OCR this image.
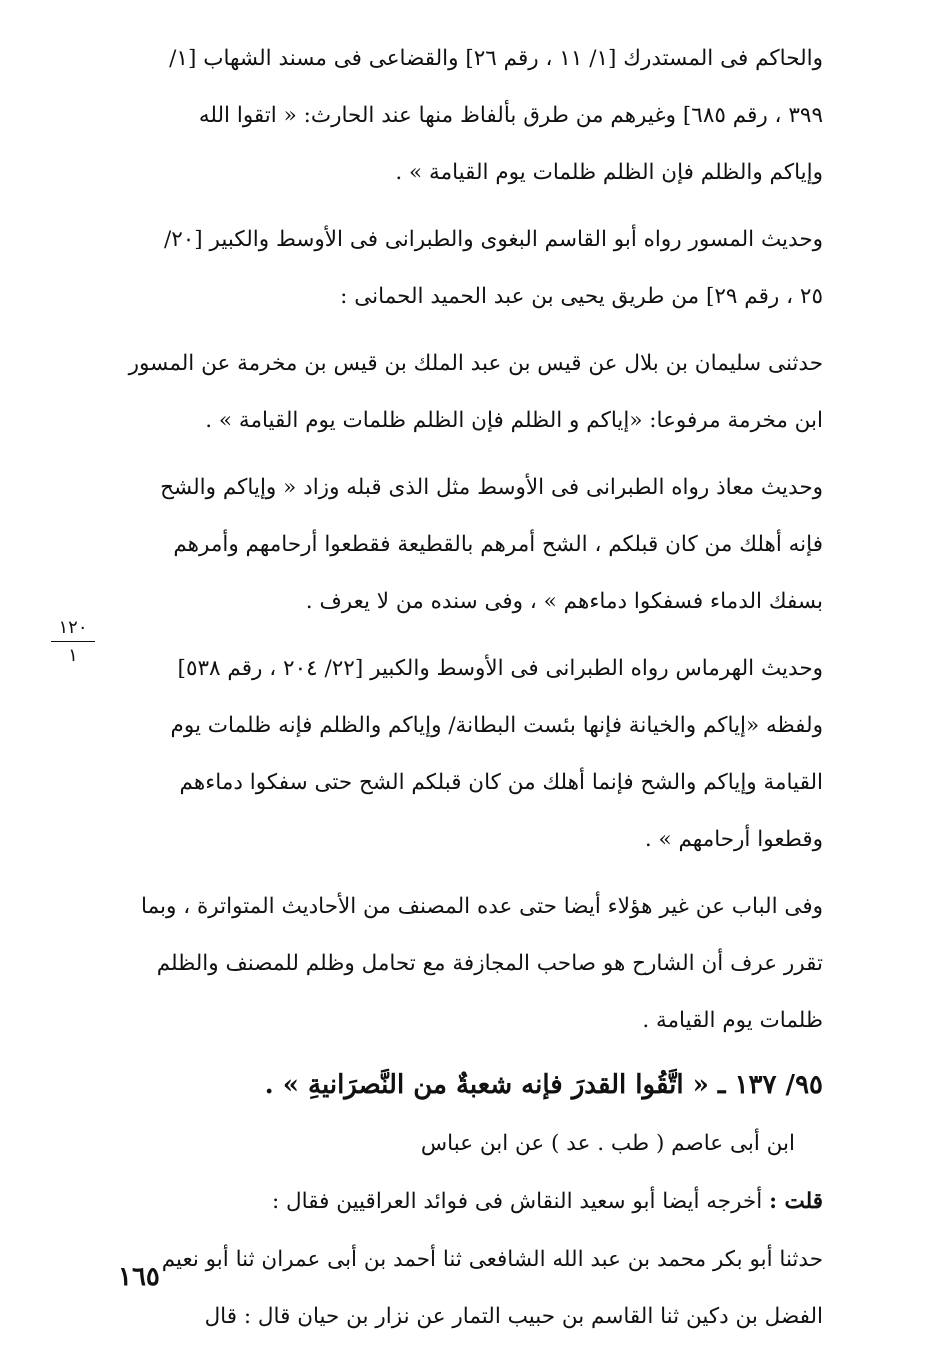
والحاكم فى المستدرك [١/ ١١ ، رقم ٢٦] والقضاعى فى مسند الشهاب [١/
٣٩٩ ، رقم ٦٨٥] وغيرهم من طرق بألفاظ منها عند الحارث: « اتقوا الله
وإياكم والظلم فإن الظلم ظلمات يوم القيامة » .

وحديث المسور رواه أبو القاسم البغوى والطبرانى فى الأوسط والكبير [٢٠/
٢٥ ، رقم ٢٩] من طريق يحيى بن عبد الحميد الحمانى :

حدثنى سليمان بن بلال عن قيس بن عبد الملك بن قيس بن مخرمة عن المسور
ابن مخرمة مرفوعا: «إياكم و الظلم فإن الظلم ظلمات يوم القيامة » .

وحديث معاذ رواه الطبرانى فى الأوسط مثل الذى قبله وزاد « وإياكم والشح
فإنه أهلك من كان قبلكم ، الشح أمرهم بالقطيعة فقطعوا أرحامهم وأمرهم
بسفك الدماء فسفكوا دماءهم » ، وفى سنده من لا يعرف .

وحديث الهرماس رواه الطبرانى فى الأوسط والكبير [٢٢/ ٢٠٤ ، رقم ٥٣٨]
ولفظه «إياكم والخيانة فإنها بئست البطانة/ وإياكم والظلم فإنه ظلمات يوم
القيامة وإياكم والشح فإنما أهلك من كان قبلكم الشح حتى سفكوا دماءهم
وقطعوا أرحامهم » .

وفى الباب عن غير هؤلاء أيضا حتى عده المصنف من الأحاديث المتواترة ، وبما
تقرر عرف أن الشارح هو صاحب المجازفة مع تحامل وظلم للمصنف والظلم
ظلمات يوم القيامة .

٩٥/ ١٣٧ ـ « اتَّقُوا القدرَ فإنه شعبةٌ من النَّصرَانيةِ » .
ابن أبى عاصم ( طب . عد ) عن ابن عباس
قلت : أخرجه أيضا أبو سعيد النقاش فى فوائد العراقيين فقال :

حدثنا أبو بكر محمد بن عبد الله الشافعى ثنا أحمد بن أبى عمران ثنا أبو نعيم
الفضل بن دكين ثنا القاسم بن حبيب التمار عن نزار بن حيان قال : قال

١٢٠
١
١٦٥
